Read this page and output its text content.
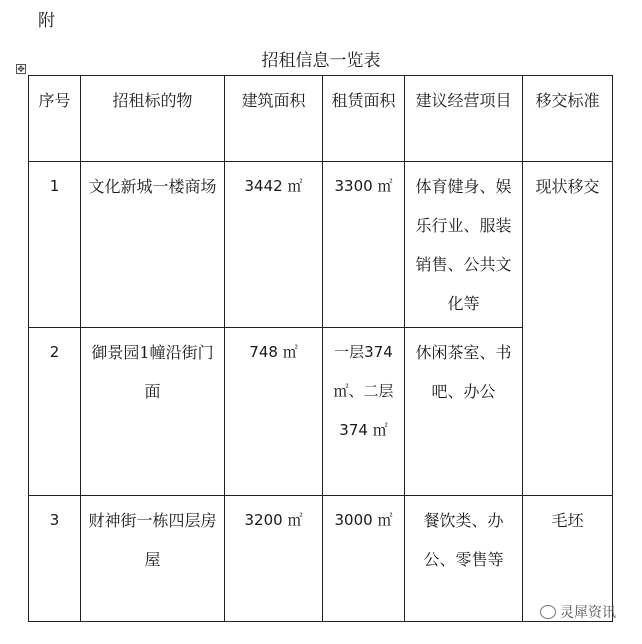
附
招租信息一览表
✥
序号	招租标的物	建筑面积	租赁面积	建议经营项目	移交标准
1	文化新城一楼商场	3442 ㎡	3300 ㎡	体育健身、娱乐行业、服装销售、公共文化等	现状移交
2	御景园1幢沿街门面	748 ㎡	一层374 ㎡、二层374 ㎡	休闲茶室、书吧、办公	
3	财神街一栋四层房屋	3200 ㎡	3000 ㎡	餐饮类、办公、零售等	毛坯
灵犀资讯
